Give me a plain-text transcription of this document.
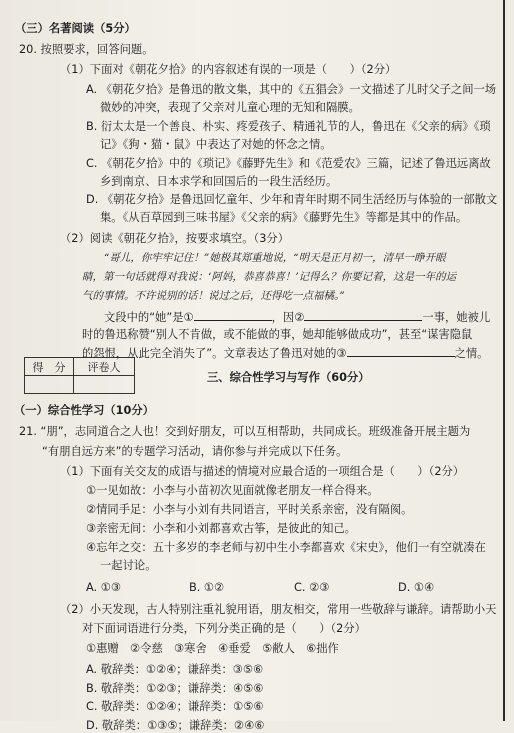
（三）名著阅读（5分）
20. 按照要求，回答问题。
（1）下面对《朝花夕拾》的内容叙述有误的一项是（　　）（2分）
A. 《朝花夕拾》是鲁迅的散文集，其中的《五猖会》一文描述了儿时父子之间一场
微妙的冲突，表现了父亲对儿童心理的无知和隔膜。
B. 衍太太是一个善良、朴实、疼爱孩子、精通礼节的人，鲁迅在《父亲的病》《琐
记》《狗・猫・鼠》中表达了对她的怀念之情。
C. 《朝花夕拾》中的《琐记》《藤野先生》和《范爱农》三篇，记述了鲁迅远离故
乡到南京、日本求学和回国后的一段生活经历。
D. 《朝花夕拾》是鲁迅回忆童年、少年和青年时期不同生活经历与体验的一部散文
集。《从百草园到三味书屋》《父亲的病》《藤野先生》等都是其中的作品。
（2）阅读《朝花夕拾》，按要求填空。（3分）
“哥儿，你牢牢记住！”她极其郑重地说，“明天是正月初一，清早一睁开眼
睛，第一句话就得对我说：‘阿妈，恭喜恭喜！’记得么？你要记着，这是一年的运
气的事情。不许说别的话！说过之后，还得吃一点福橘。”
文段中的“她”是①	，因②	一事，她被儿
时的鲁迅称赞“别人不肯做，或不能做的事，她却能够做成功”，甚至“谋害隐鼠
的怨恨，从此完全消失了”。文章表达了鲁迅对她的③	之情。
得　分	评卷人

三、综合性学习与写作（60分）
（一）综合性学习（10分）
21. “朋”，志同道合之人也！交到好朋友，可以互相帮助，共同成长。班级准备开展主题为
“有朋自远方来”的专题学习活动，请你参与并完成以下任务。
（1）下面有关交友的成语与描述的情境对应最合适的一项组合是（　　）（2分）
①一见如故：小李与小苗初次见面就像老朋友一样合得来。
②情同手足：小李与小刘有共同语言，平时关系亲密，没有隔阂。
③亲密无间：小李和小刘都喜欢古筝，是彼此的知己。
④忘年之交：五十多岁的李老师与初中生小李都喜欢《宋史》，他们一有空就凑在
一起讨论。
A. ①③	B. ①②	C. ②③	D. ①④
（2）小天发现，古人特别注重礼貌用语，朋友相交，常用一些敬辞与谦辞。请帮助小天
对下面词语进行分类，下列分类正确的是（　　）（2分）
①惠赠　②令慈　③寒舍　④垂爱　⑤敝人　⑥拙作
A. 敬辞类：①②④；谦辞类：③⑤⑥
B. 敬辞类：①②③；谦辞类：④⑤⑥
C. 敬辞类：①②④；谦辞类：①⑤⑥
D. 敬辞类：①③⑤；谦辞类：②④⑥
